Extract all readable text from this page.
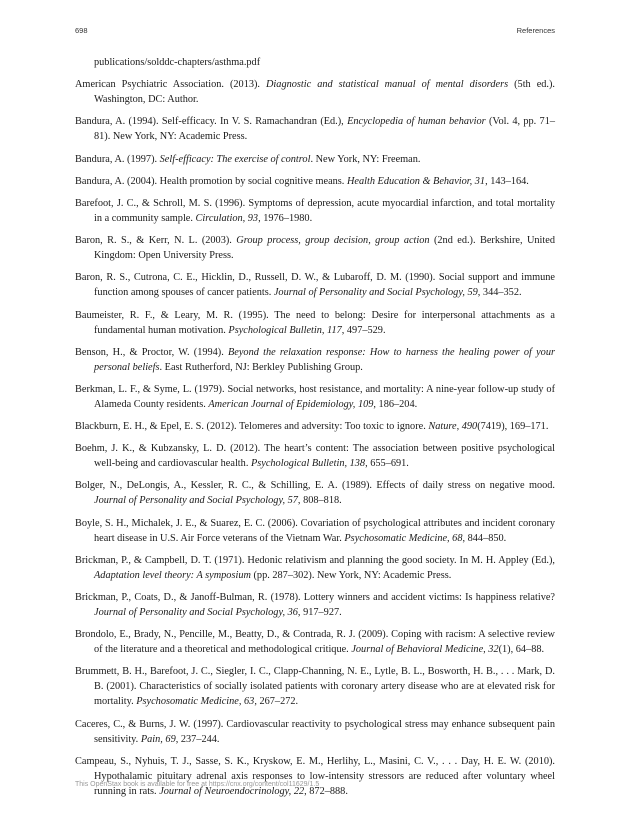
698	References

publications/solddc-chapters/asthma.pdf

American Psychiatric Association. (2013). Diagnostic and statistical manual of mental disorders (5th ed.). Washington, DC: Author.

Bandura, A. (1994). Self-efficacy. In V. S. Ramachandran (Ed.), Encyclopedia of human behavior (Vol. 4, pp. 71–81). New York, NY: Academic Press.

Bandura, A. (1997). Self-efficacy: The exercise of control. New York, NY: Freeman.

Bandura, A. (2004). Health promotion by social cognitive means. Health Education & Behavior, 31, 143–164.

Barefoot, J. C., & Schroll, M. S. (1996). Symptoms of depression, acute myocardial infarction, and total mortality in a community sample. Circulation, 93, 1976–1980.

Baron, R. S., & Kerr, N. L. (2003). Group process, group decision, group action (2nd ed.). Berkshire, United Kingdom: Open University Press.

Baron, R. S., Cutrona, C. E., Hicklin, D., Russell, D. W., & Lubaroff, D. M. (1990). Social support and immune function among spouses of cancer patients. Journal of Personality and Social Psychology, 59, 344–352.

Baumeister, R. F., & Leary, M. R. (1995). The need to belong: Desire for interpersonal attachments as a fundamental human motivation. Psychological Bulletin, 117, 497–529.

Benson, H., & Proctor, W. (1994). Beyond the relaxation response: How to harness the healing power of your personal beliefs. East Rutherford, NJ: Berkley Publishing Group.

Berkman, L. F., & Syme, L. (1979). Social networks, host resistance, and mortality: A nine-year follow-up study of Alameda County residents. American Journal of Epidemiology, 109, 186–204.

Blackburn, E. H., & Epel, E. S. (2012). Telomeres and adversity: Too toxic to ignore. Nature, 490(7419), 169–171.

Boehm, J. K., & Kubzansky, L. D. (2012). The heart’s content: The association between positive psychological well-being and cardiovascular health. Psychological Bulletin, 138, 655–691.

Bolger, N., DeLongis, A., Kessler, R. C., & Schilling, E. A. (1989). Effects of daily stress on negative mood. Journal of Personality and Social Psychology, 57, 808–818.

Boyle, S. H., Michalek, J. E., & Suarez, E. C. (2006). Covariation of psychological attributes and incident coronary heart disease in U.S. Air Force veterans of the Vietnam War. Psychosomatic Medicine, 68, 844–850.

Brickman, P., & Campbell, D. T. (1971). Hedonic relativism and planning the good society. In M. H. Appley (Ed.), Adaptation level theory: A symposium (pp. 287–302). New York, NY: Academic Press.

Brickman, P., Coats, D., & Janoff-Bulman, R. (1978). Lottery winners and accident victims: Is happiness relative? Journal of Personality and Social Psychology, 36, 917–927.

Brondolo, E., Brady, N., Pencille, M., Beatty, D., & Contrada, R. J. (2009). Coping with racism: A selective review of the literature and a theoretical and methodological critique. Journal of Behavioral Medicine, 32(1), 64–88.

Brummett, B. H., Barefoot, J. C., Siegler, I. C., Clapp-Channing, N. E., Lytle, B. L., Bosworth, H. B., . . . Mark, D. B. (2001). Characteristics of socially isolated patients with coronary artery disease who are at elevated risk for mortality. Psychosomatic Medicine, 63, 267–272.

Caceres, C., & Burns, J. W. (1997). Cardiovascular reactivity to psychological stress may enhance subsequent pain sensitivity. Pain, 69, 237–244.

Campeau, S., Nyhuis, T. J., Sasse, S. K., Kryskow, E. M., Herlihy, L., Masini, C. V., . . . Day, H. E. W. (2010). Hypothalamic pituitary adrenal axis responses to low-intensity stressors are reduced after voluntary wheel running in rats. Journal of Neuroendocrinology, 22, 872–888.

This OpenStax book is available for free at https://cnx.org/content/col11629/1.5
